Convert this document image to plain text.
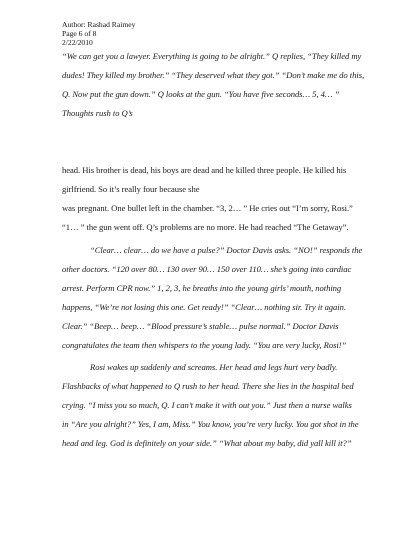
Author: Rashad Raimey
Page 6 of 8
2/22/2010
“We can get you a lawyer. Everything is going to be alright.” Q replies, “They killed my
dudes! They killed my brother.” “They deserved what they got.” “Don’t make me do this,
Q. Now put the gun down.” Q looks at the gun. “You have five seconds… 5, 4… ”
Thoughts rush to Q’s
head. His brother is dead, his boys are dead and he killed three people. He killed his
girlfriend. So it’s really four because she
was pregnant. One bullet left in the chamber. “3, 2… ” He cries out “I’m sorry, Rosi.”
“1… ” the gun went off. Q’s problems are no more. He had reached “The Getaway”.
“Clear… clear… do we have a pulse?” Doctor Davis asks. “NO!” responds the
other doctors. “120 over 80… 130 over 90… 150 over 110… she’s going into cardiac
arrest. Perform CPR now.” 1, 2, 3, he breaths into the young girls’ mouth, nothing
happens, “We’re not losing this one. Get ready!” “Clear… nothing sir. Try it again.
Clear.” “Beep… beep… “Blood pressure’s stable… pulse normal.” Doctor Davis
congratulates the team then whispers to the young lady. “You are very lucky, Rosi!”
Rosi wakes up suddenly and screams. Her head and legs hurt very badly.
Flashbacks of what happened to Q rush to her head. There she lies in the hospital bed
crying. “I miss you so much, Q. I can’t make it with out you.” Just then a nurse walks
in “Are you alright?” Yes, I am, Miss.” You know, you’re very lucky. You got shot in the
head and leg. God is definitely on your side.” “What about my baby, did yall kill it?”
